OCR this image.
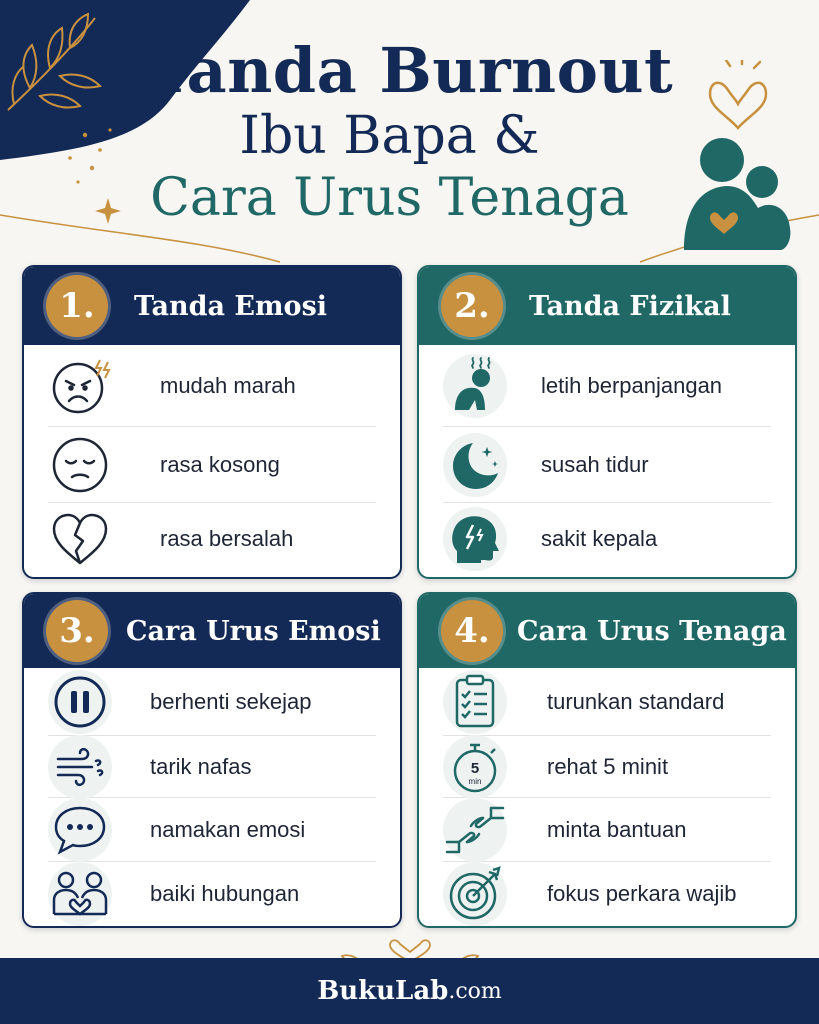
Tanda Burnout
Ibu Bapa &
Cara Urus Tenaga
1.	Tanda Emosi
mudah marah
rasa kosong
rasa bersalah
2.	Tanda Fizikal
letih berpanjangan
susah tidur
sakit kepala
3.	Cara Urus Emosi
berhenti sekejap
tarik nafas
namakan emosi
baiki hubungan
4.	Cara Urus Tenaga
turunkan standard
5
min
rehat 5 minit
minta bantuan
fokus perkara wajib
BukuLab .com
